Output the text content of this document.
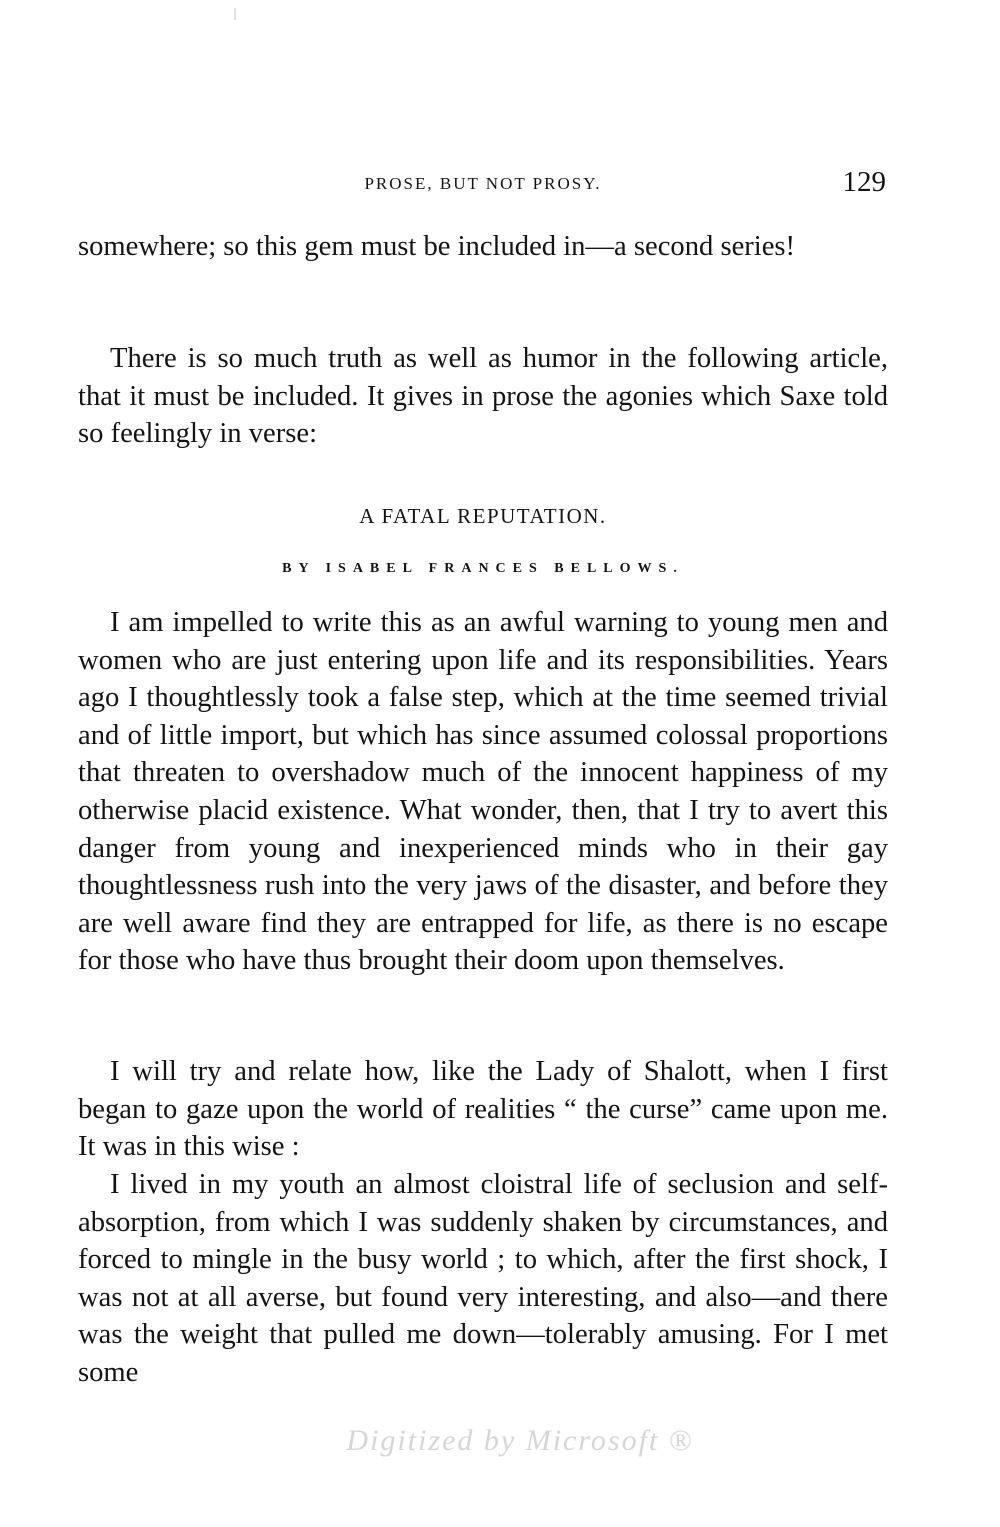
PROSE, BUT NOT PROSY.	129

somewhere; so this gem must be included in—a second series!

There is so much truth as well as humor in the following article, that it must be included. It gives in prose the agonies which Saxe told so feelingly in verse:

A FATAL REPUTATION.
BY ISABEL FRANCES BELLOWS.

I am impelled to write this as an awful warning to young men and women who are just entering upon life and its responsibilities. Years ago I thoughtlessly took a false step, which at the time seemed trivial and of little import, but which has since assumed colossal proportions that threaten to overshadow much of the innocent happiness of my otherwise placid existence. What wonder, then, that I try to avert this danger from young and inexperienced minds who in their gay thoughtlessness rush into the very jaws of the disaster, and before they are well aware find they are entrapped for life, as there is no escape for those who have thus brought their doom upon themselves.

I will try and relate how, like the Lady of Shalott, when I first began to gaze upon the world of realities “ the curse” came upon me. It was in this wise :

I lived in my youth an almost cloistral life of seclusion and self-absorption, from which I was suddenly shaken by circumstances, and forced to mingle in the busy world ; to which, after the first shock, I was not at all averse, but found very interesting, and also—and there was the weight that pulled me down—tolerably amusing. For I met some

Digitized by Microsoft ®
